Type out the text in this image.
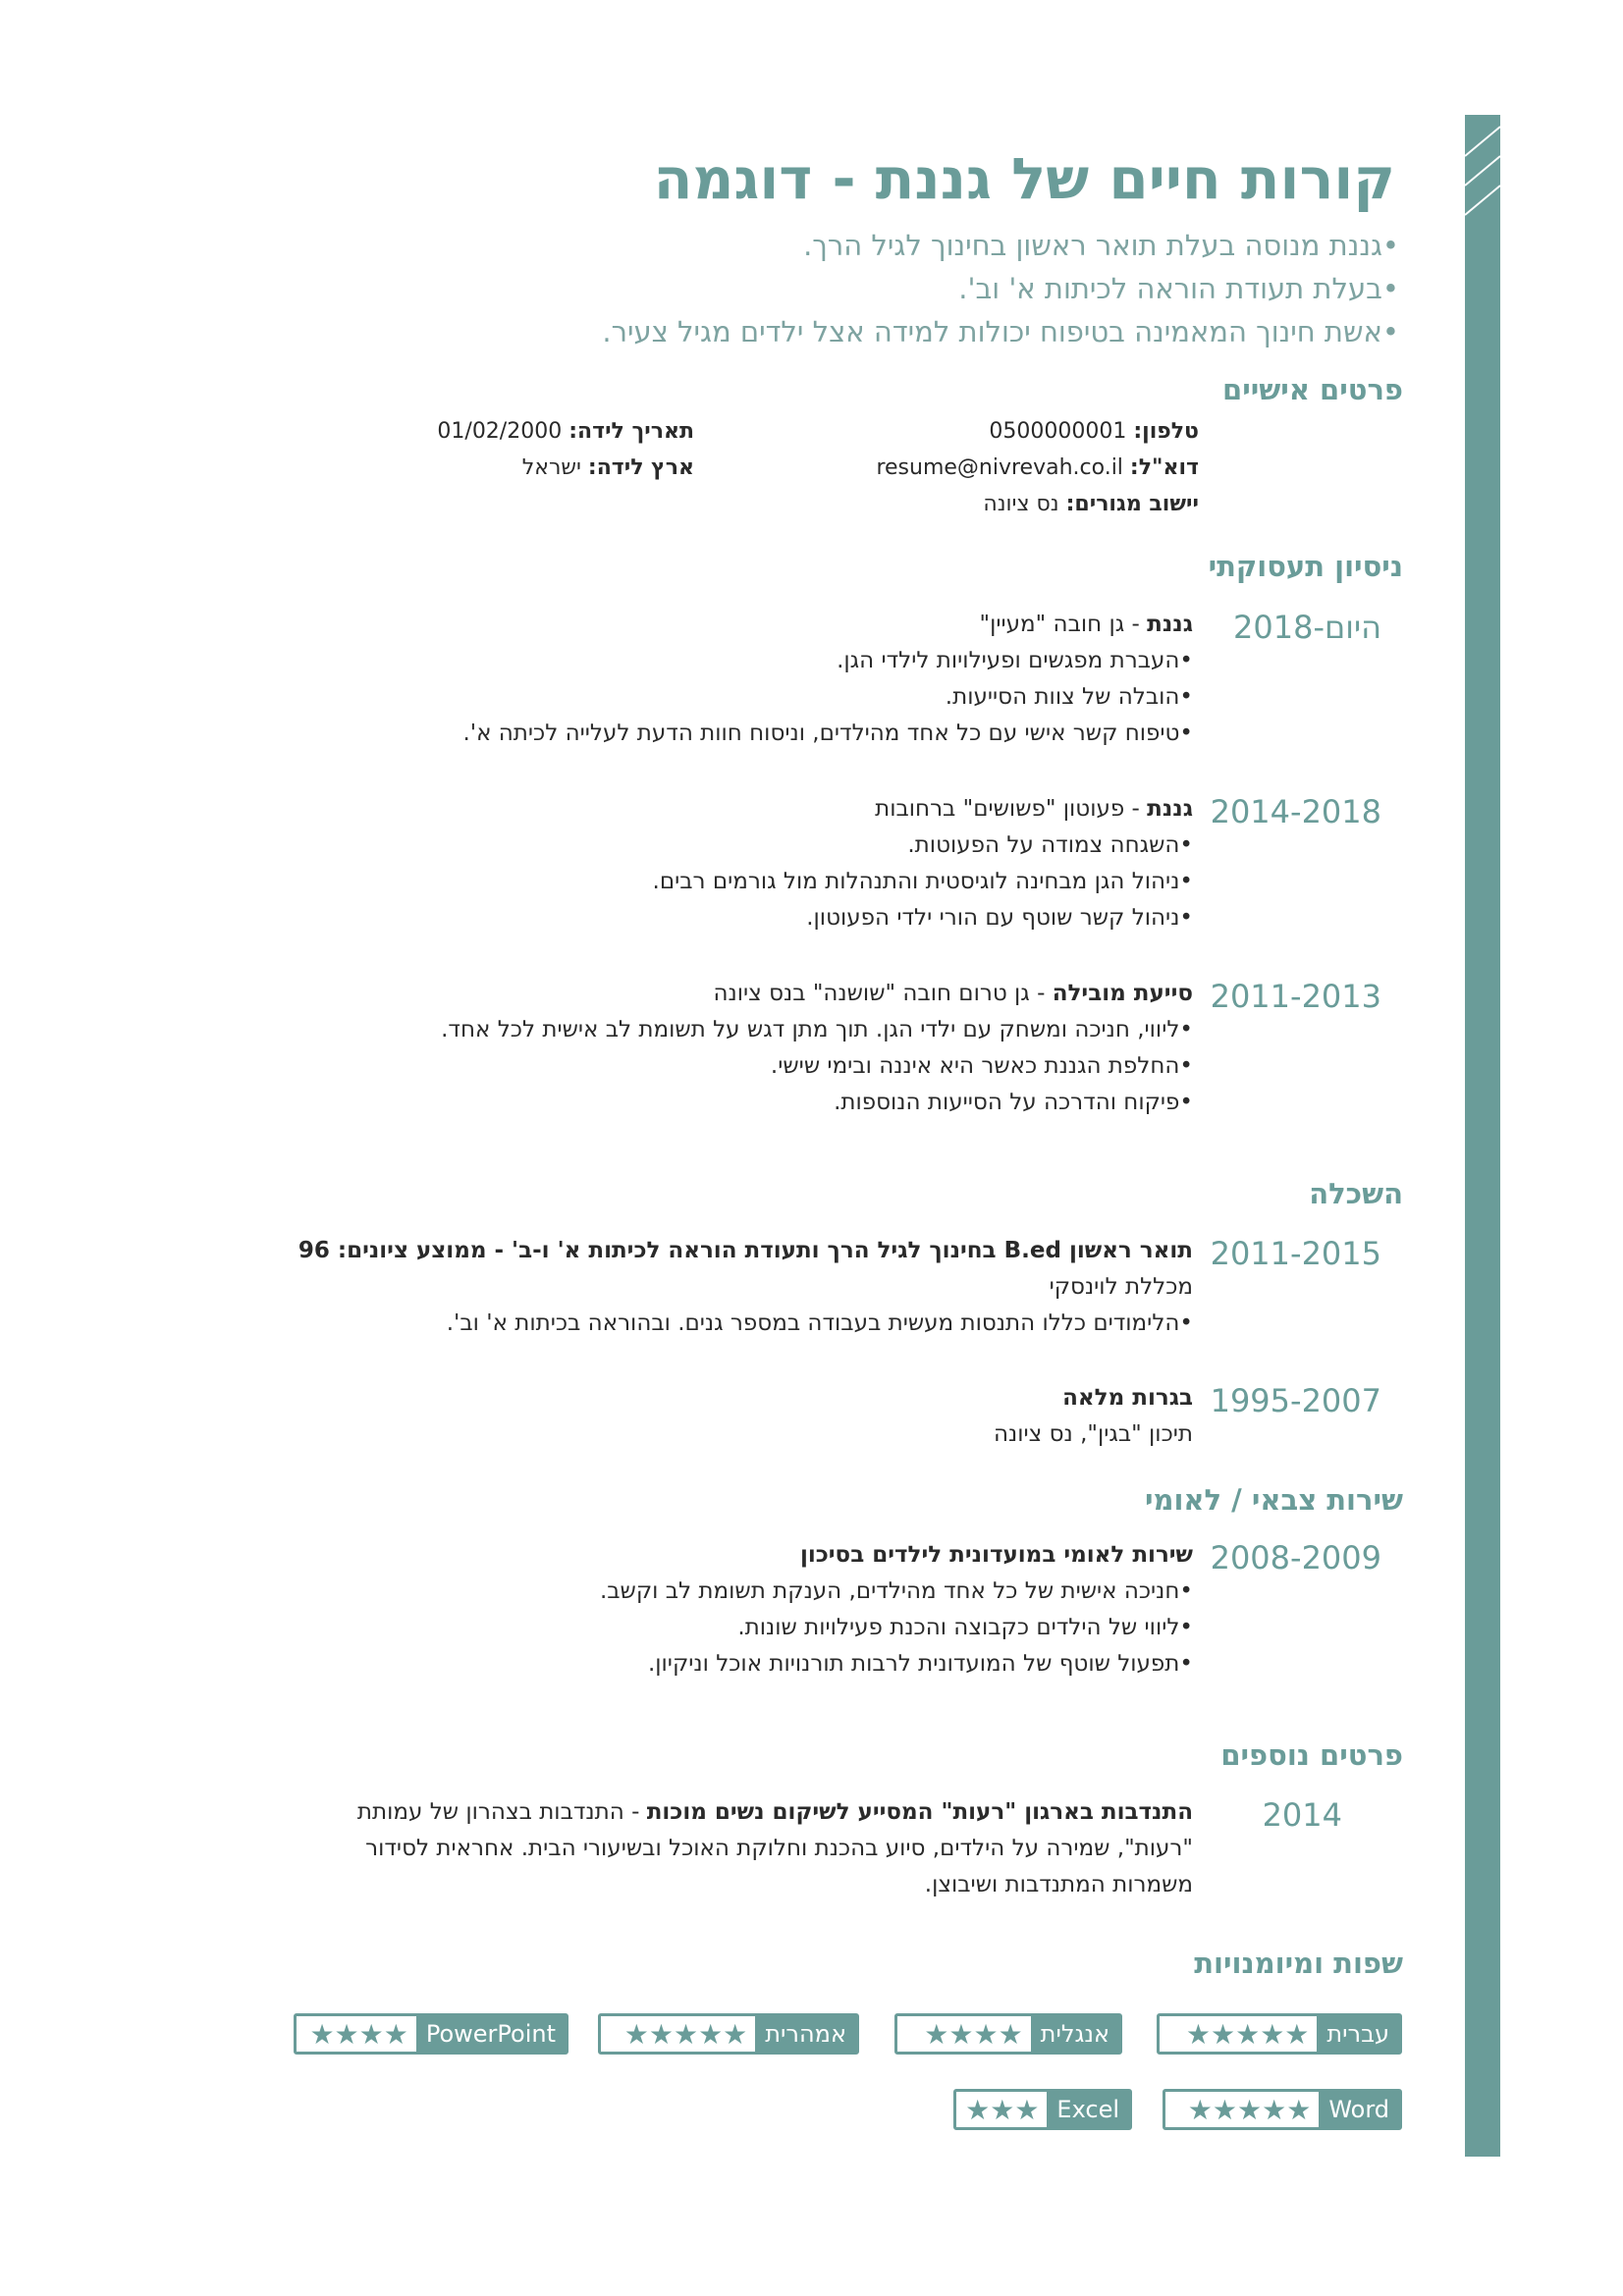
קורות חיים של גננת - דוגמה
•גננת מנוסה בעלת תואר ראשון בחינוך לגיל הרך.
•בעלת תעודת הוראה לכיתות א' וב'.
•אשת חינוך המאמינה בטיפוח יכולות למידה אצל ילדים מגיל צעיר.
פרטים אישיים
טלפון: 0500000001
דוא"ל: resume@nivrevah.co.il
יישוב מגורים: נס ציונה
תאריך לידה: 01/02/2000
ארץ לידה: ישראל
ניסיון תעסוקתי
2018-היום
גננת - גן חובה "מעיין"
• העברת מפגשים ופעילויות לילדי הגן.
• הובלה של צוות הסייעות.
• טיפוח קשר אישי עם כל אחד מהילדים, וניסוח חוות הדעת לעלייה לכיתה א'.
2014-2018
גננת - פעוטון "פשושים" ברחובות
• השגחה צמודה על הפעוטות.
• ניהול הגן מבחינה לוגיסטית והתנהלות מול גורמים רבים.
• ניהול קשר שוטף עם הורי ילדי הפעוטון.
2011-2013
סייעת מובילה - גן טרום חובה "שושנה" בנס ציונה
• ליווי, חניכה ומשחק עם ילדי הגן. תוך מתן דגש על תשומת לב אישית לכל אחד.
• החלפת הגננת כאשר היא איננה ובימי שישי.
• פיקוח והדרכה על הסייעות הנוספות.
השכלה
2011-2015
תואר ראשון B.ed בחינוך לגיל הרך ותעודת הוראה לכיתות א' ו-ב' - ממוצע ציונים: 96
מכללת לוינסקי
• הלימודים כללו התנסות מעשית בעבודה במספר גנים. ובהוראה בכיתות א' וב'.
1995-2007
בגרות מלאה
תיכון "בגין", נס ציונה
שירות צבאי / לאומי
2008-2009
שירות לאומי במועדונית לילדים בסיכון
• חניכה אישית של כל אחד מהילדים, הענקת תשומת לב וקשב.
• ליווי של הילדים כקבוצה והכנת פעילויות שונות.
• תפעול שוטף של המועדונית לרבות תורנויות אוכל וניקיון.
פרטים נוספים
2014
התנדבות בארגון "רעות" המסייע לשיקום נשים מוכות - התנדבות בצהרון של עמותת "רעות", שמירה על הילדים, סיוע בהכנת וחלוקת האוכל ובשיעורי הבית. אחראית לסידור משמרות המתנדבות ושיבוצן.
שפות ומיומנויות
עברית
★★★★★
אנגלית
★★★★
אמהרית
★★★★★
PowerPoint
★★★★
Word
★★★★★
Excel
★★★
